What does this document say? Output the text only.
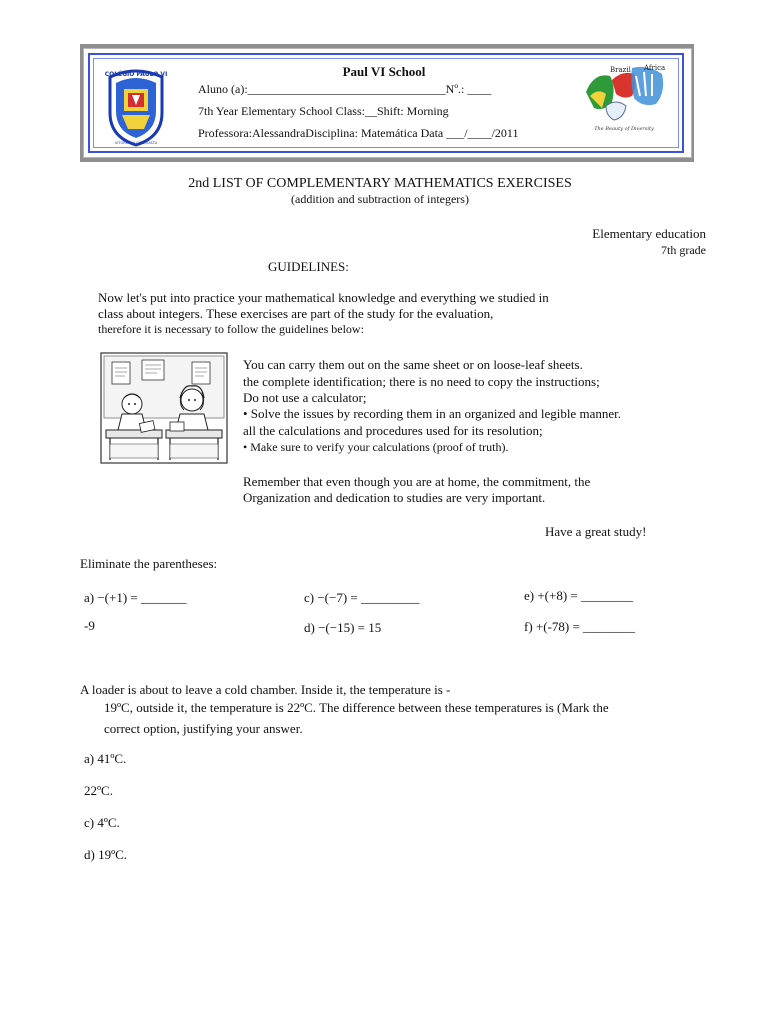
COLÉGIO PAULO VI
VITÓRIA DA CONQUISTA
Paul VI School
Aluno (a):_________________________________Nº.: ____
7th Year Elementary School Class:__Shift: Morning
Professora:AlessandraDisciplina: Matemática Data ___/____/2011
Brazil Africa
The Beauty of Diversity
2nd LIST OF COMPLEMENTARY MATHEMATICS EXERCISES
(addition and subtraction of integers)
Elementary education
7th grade
GUIDELINES:
Now let's put into practice your mathematical knowledge and everything we studied in
class about integers. These exercises are part of the study for the evaluation,
therefore it is necessary to follow the guidelines below:
You can carry them out on the same sheet or on loose-leaf sheets.
the complete identification; there is no need to copy the instructions;
Do not use a calculator;
• Solve the issues by recording them in an organized and legible manner.
all the calculations and procedures used for its resolution;
• Make sure to verify your calculations (proof of truth).
Remember that even though you are at home, the commitment, the
Organization and dedication to studies are very important.
Have a great study!
Eliminate the parentheses:
a) −(+1) = _______
-9
c) −(−7) = _________
d) −(−15) = 15
e) +(+8) = ________
f) +(-78) = ________
A loader is about to leave a cold chamber. Inside it, the temperature is -
19ºC, outside it, the temperature is 22ºC. The difference between these temperatures is (Mark the
correct option, justifying your answer.
a) 41ºC.
22ºC.
c) 4ºC.
d) 19ºC.
